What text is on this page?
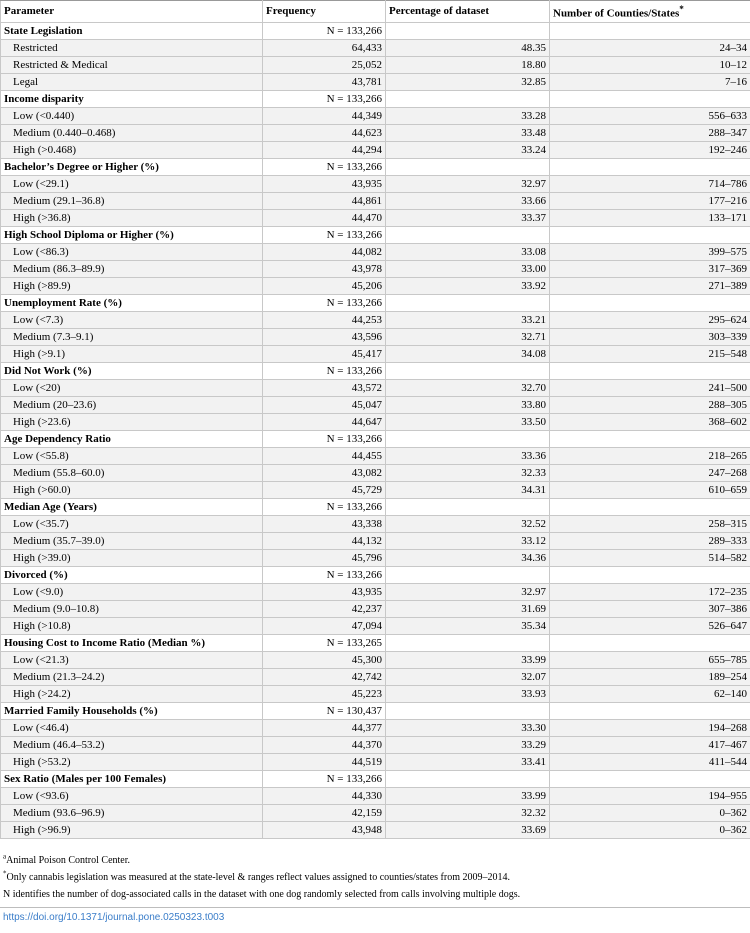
Parameter	Frequency	Percentage of dataset	Number of Counties/States*
State Legislation	N = 133,266		
Restricted	64,433	48.35	24–34
Restricted & Medical	25,052	18.80	10–12
Legal	43,781	32.85	7–16
Income disparity	N = 133,266		
Low (<0.440)	44,349	33.28	556–633
Medium (0.440–0.468)	44,623	33.48	288–347
High (>0.468)	44,294	33.24	192–246
Bachelor’s Degree or Higher (%)	N = 133,266		
Low (<29.1)	43,935	32.97	714–786
Medium (29.1–36.8)	44,861	33.66	177–216
High (>36.8)	44,470	33.37	133–171
High School Diploma or Higher (%)	N = 133,266		
Low (<86.3)	44,082	33.08	399–575
Medium (86.3–89.9)	43,978	33.00	317–369
High (>89.9)	45,206	33.92	271–389
Unemployment Rate (%)	N = 133,266		
Low (<7.3)	44,253	33.21	295–624
Medium (7.3–9.1)	43,596	32.71	303–339
High (>9.1)	45,417	34.08	215–548
Did Not Work (%)	N = 133,266		
Low (<20)	43,572	32.70	241–500
Medium (20–23.6)	45,047	33.80	288–305
High (>23.6)	44,647	33.50	368–602
Age Dependency Ratio	N = 133,266		
Low (<55.8)	44,455	33.36	218–265
Medium (55.8–60.0)	43,082	32.33	247–268
High (>60.0)	45,729	34.31	610–659
Median Age (Years)	N = 133,266		
Low (<35.7)	43,338	32.52	258–315
Medium (35.7–39.0)	44,132	33.12	289–333
High (>39.0)	45,796	34.36	514–582
Divorced (%)	N = 133,266		
Low (<9.0)	43,935	32.97	172–235
Medium (9.0–10.8)	42,237	31.69	307–386
High (>10.8)	47,094	35.34	526–647
Housing Cost to Income Ratio (Median %)	N = 133,265		
Low (<21.3)	45,300	33.99	655–785
Medium (21.3–24.2)	42,742	32.07	189–254
High (>24.2)	45,223	33.93	62–140
Married Family Households (%)	N = 130,437		
Low (<46.4)	44,377	33.30	194–268
Medium (46.4–53.2)	44,370	33.29	417–467
High (>53.2)	44,519	33.41	411–544
Sex Ratio (Males per 100 Females)	N = 133,266		
Low (<93.6)	44,330	33.99	194–955
Medium (93.6–96.9)	42,159	32.32	0–362
High (>96.9)	43,948	33.69	0–362
$^a$Animal Poison Control Center.
*Only cannabis legislation was measured at the state-level & ranges reflect values assigned to counties/states from 2009–2014.
N identifies the number of dog-associated calls in the dataset with one dog randomly selected from calls involving multiple dogs.
https://doi.org/10.1371/journal.pone.0250323.t003
